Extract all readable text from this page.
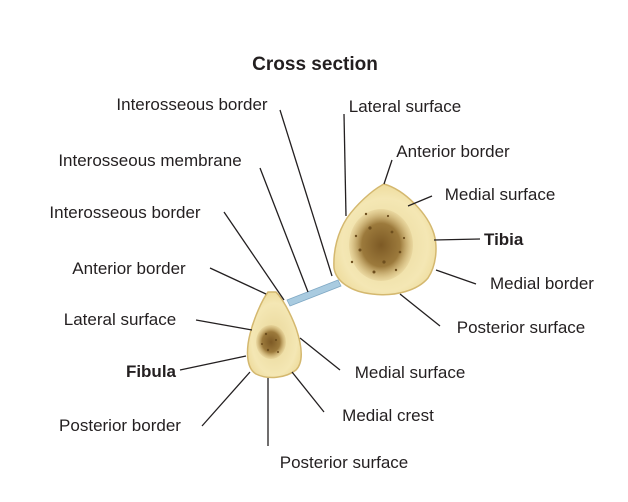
Cross section
Interosseous border
Interosseous membrane
Interosseous border
Anterior border
Lateral surface
Fibula
Posterior border
Posterior surface
Medial crest
Medial surface
Lateral surface
Anterior border
Medial surface
Tibia
Medial border
Posterior surface
